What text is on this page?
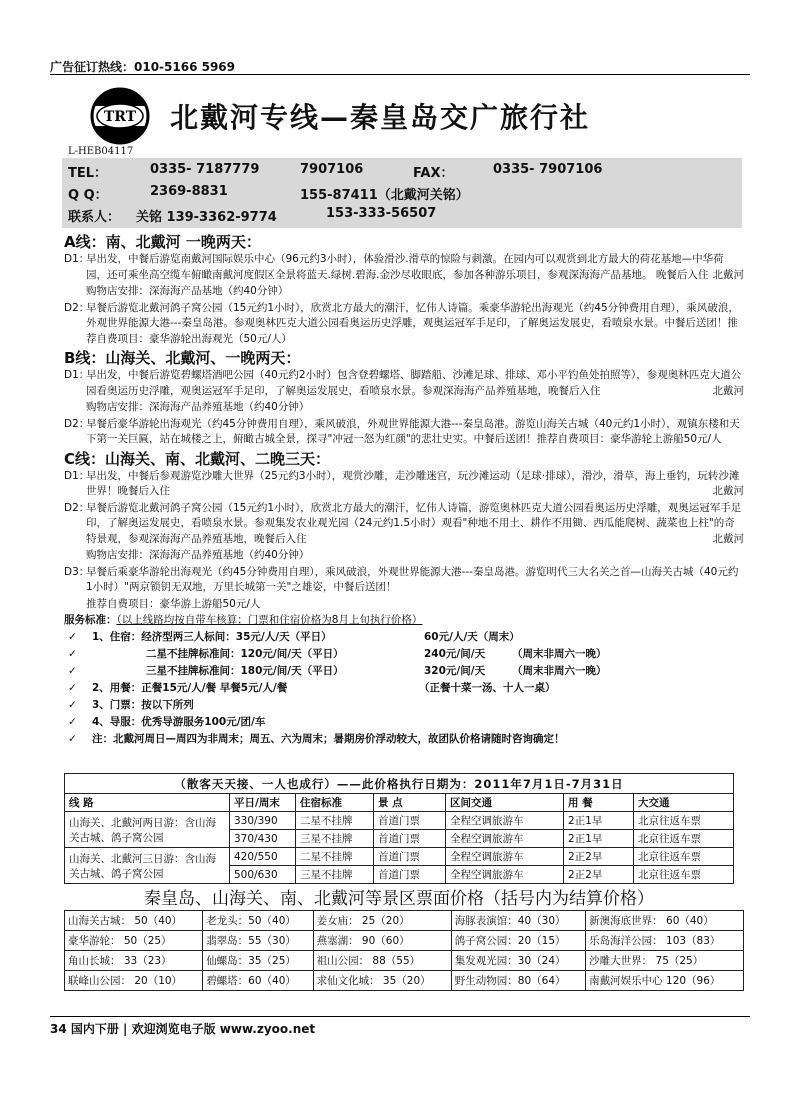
广告征订热线：010-5166 5969
TRT
L-HEB04117
北戴河专线—秦皇岛交广旅行社
TEL：	0335- 7187779	7907106	FAX：	0335- 7907106
Q Q：	2369-8831	155-87411（北戴河关铭）
联系人： 关铭 139-3362-9774	153-333-56507
A线：南、北戴河 一晚两天：
D1：
早出发，中餐后游览南戴河国际娱乐中心（96元约3小时），体验滑沙.滑草的惊险与刺激。在园内可以观赏到北方最大的荷花基地—中华荷园，还可乘坐高空缆车俯瞰南戴河度假区全景将蓝天.绿树.碧海.金沙尽收眼底，参加各种游乐项目，参观深海海产品基地。 晚餐后入住 北戴河
购物店安排：深海海产品基地（约40分钟）
D2：
早餐后游览北戴河鸽子窝公园（15元约1小时），欣赏北方最大的潮汗，忆伟人诗篇。乘豪华游轮出海观光（约45分钟费用自理），乘风破浪，外观世界能源大港---秦皇岛港。参观奥林匹克大道公园看奥运历史浮雕，观奥运冠军手足印，了解奥运发展史，看喷泉水景。中餐后送团！推荐自费项目：豪华游轮出海观光（50元/人）
B线：山海关、北戴河、一晚两天：
D1：
早出发，中餐后游览碧螺塔酒吧公园（40元约2小时）包含登碧螺塔、脚踏船、沙滩足球、排球、邓小平钓鱼处拍照等），参观奥林匹克大道公园看奥运历史浮雕，观奥运冠军手足印，了解奥运发展史，看喷泉水景。参观深海海产品养殖基地，晚餐后入住	北戴河
购物店安排：深海海产品养殖基地（约40分钟）
D2：
早餐后豪华游轮出海观光（约45分钟费用自理），乘风破浪，外观世界能源大港---秦皇岛港。游览山海关古城（40元约1小时），观镇东楼和天下第一关巨匾，站在城楼之上，俯瞰古城全景，探寻"冲冠一怒为红颜"的悲壮史实。中餐后送团！推荐自费项目：豪华游轮上游船50元/人
C线：山海关、南、北戴河、二晚三天：
D1：
早出发，中餐后参观游览沙雕大世界（25元约3小时），观赏沙雕，走沙雕迷宫，玩沙滩运动（足球·排球），滑沙，滑草，海上垂钓，玩转沙滩世界！晚餐后入住	北戴河
D2：
早餐后游览北戴河鸽子窝公园（15元约1小时），欣赏北方最大的潮汗，忆伟人诗篇，游览奥林匹克大道公园看奥运历史浮雕，观奥运冠军手足印，了解奥运发展史，看喷泉水景。参观集发农业观光园（24元约1.5小时）观看"种地不用土、耕作不用锄、西瓜能爬树、蔬菜也上柱"的奇特景观，参观深海海产品养殖基地，晚餐后入住	北戴河
购物店安排：深海海产品养殖基地（约40分钟）
D3：
早餐后乘豪华游轮出海观光（约45分钟费用自理），乘风破浪，外观世界能源大港---秦皇岛港。游览明代三大名关之首—山海关古城（40元约1小时）"两京锁钥无双地，万里长城第一关"之雄姿，中餐后送团！
推荐自费项目：豪华游上游船50元/人
服务标准：（以上线路均按自带车核算；门票和住宿价格为8月上旬执行价格）
✓ 1、住宿：经济型两三人标间：35元/人/天（平日）	60元/人/天（周末）
✓	二星不挂牌标准间：120元/间/天（平日）	240元/间/天	（周末非周六一晚）
✓	三星不挂牌标准间：180元/间/天（平日）	320元/间/天	（周末非周六一晚）
✓ 2、用餐：正餐15元/人/餐 早餐5元/人/餐	（正餐十菜一汤、十人一桌）
✓ 3、门票：按以下所列
✓ 4、导服：优秀导游服务100元/团/车
✓ 注：北戴河周日—周四为非周末；周五、六为周末；暑期房价浮动较大，故团队价格请随时咨询确定！
（散客天天接、一人也成行）——此价格执行日期为：2011年7月1日-7月31日
线 路	平日/周末	住宿标准	景 点	区间交通	用 餐	大交通
山海关、北戴河两日游：含山海关古城、鸽子窝公园	330/390	二星不挂牌	首道门票	全程空调旅游车	2正1早	北京往返车票
	370/430	三星不挂牌	首道门票	全程空调旅游车	2正1早	北京往返车票
山海关、北戴河三日游：含山海关古城、鸽子窝公园	420/550	二星不挂牌	首道门票	全程空调旅游车	2正2早	北京往返车票
	500/630	三星不挂牌	首道门票	全程空调旅游车	2正2早	北京往返车票
秦皇岛、山海关、南、北戴河等景区票面价格（括号内为结算价格）
山海关古城： 50（40）	老龙头：50（40）	姜女庙： 25（20）	海豚表演馆：40（30）	新澳海底世界： 60（40）
豪华游轮： 50（25）	翡翠岛：55（30）	燕塞湖： 90（60）	鸽子窝公园：20（15）	乐岛海洋公园： 103（83）
角山长城： 33（23）	仙螺岛：35（25）	祖山公园： 88（55）	集发观光园：30（24）	沙雕大世界： 75（25）
联峰山公园： 20（10）	碧螺塔：60（40）	求仙文化城： 35（20）	野生动物园：80（64）	南戴河娱乐中心 120（96）
34 国内下册 | 欢迎浏览电子版 www.zyoo.net
